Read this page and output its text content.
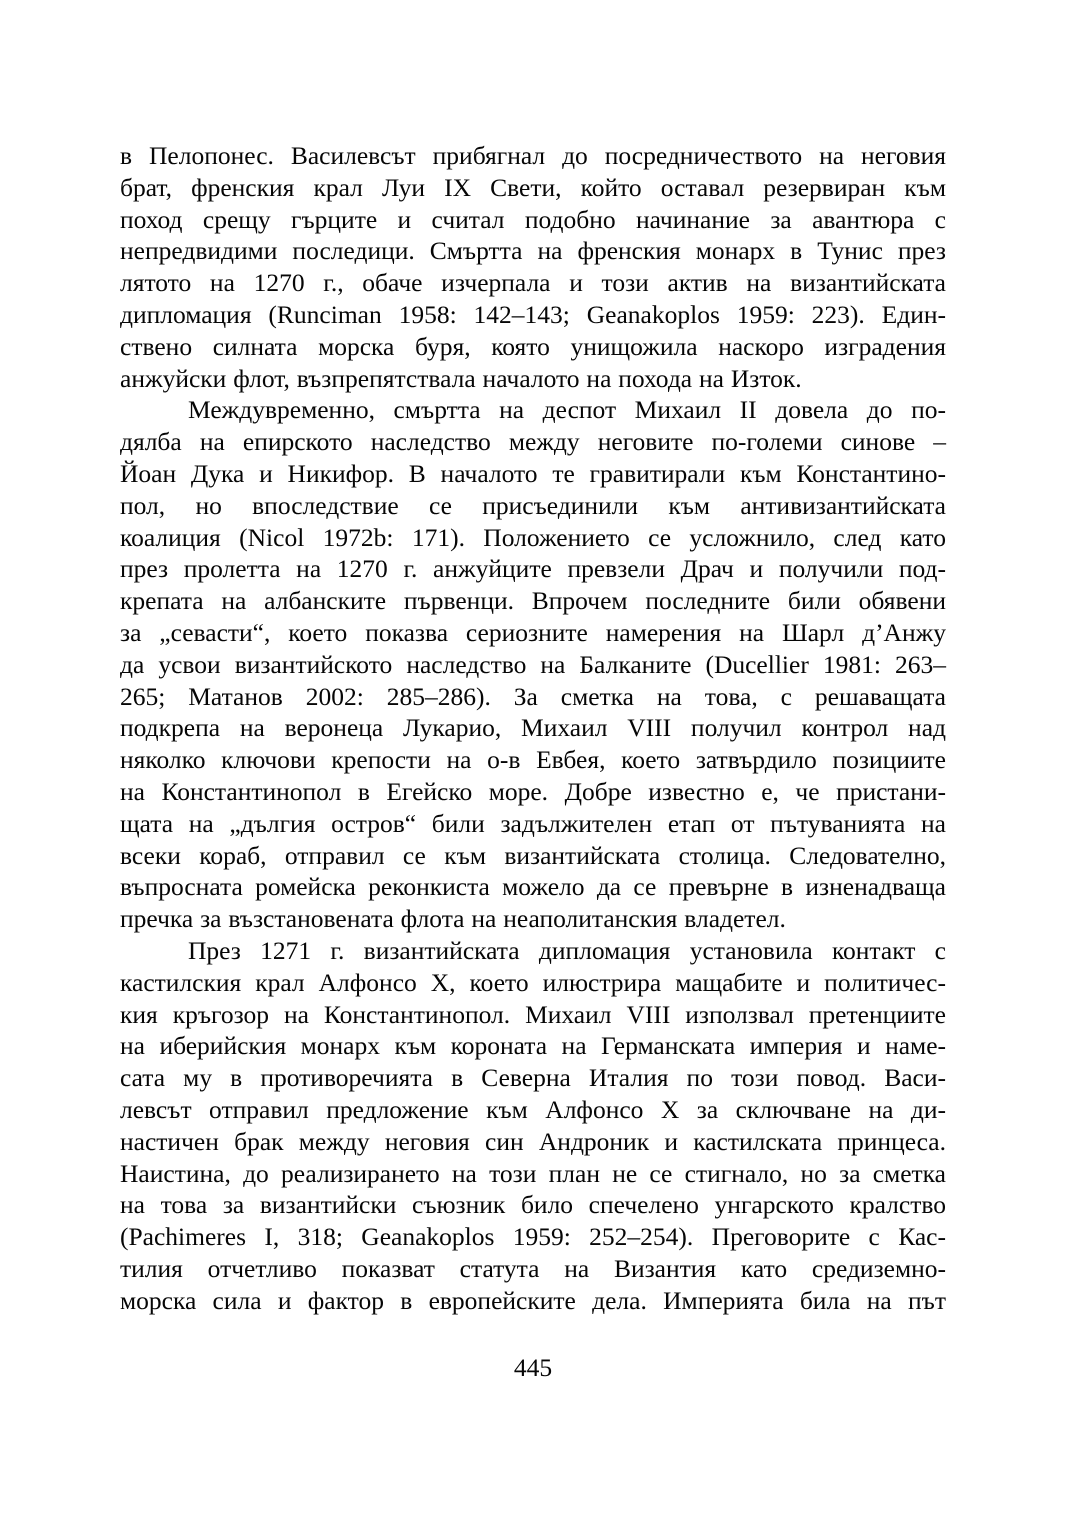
в Пелопонес. Василевсът прибягнал до посредничеството на неговия
брат, френския крал Луи IX Свети, който оставал резервиран към
поход срещу гърците и считал подобно начинание за авантюра с
непредвидими последици. Смъртта на френския монарх в Тунис през
лятото на 1270 г., обаче изчерпала и този актив на византийската
дипломация (Runciman 1958: 142–143; Geanakoplos 1959: 223). Един-
ствено силната морска буря, която унищожила наскоро изградения
анжуйски флот, възпрепятствала началото на похода на Изток.
Междувременно, смъртта на деспот Михаил II довела до по-
дялба на епирското наследство между неговите по-големи синове –
Йоан Дука и Никифор. В началото те гравитирали към Константино-
пол, но впоследствие се присъединили към антивизантийската
коалиция (Nicol 1972b: 171). Положението се усложнило, след като
през пролетта на 1270 г. анжуйците превзели Драч и получили под-
крепата на албанските първенци. Впрочем последните били обявени
за „севасти“, което показва сериозните намерения на Шарл д’Анжу
да усвои византийското наследство на Балканите (Ducellier 1981: 263–
265; Матанов 2002: 285–286). За сметка на това, с решаващата
подкрепа на веронеца Лукарио, Михаил VIII получил контрол над
няколко ключови крепости на о-в Евбея, което затвърдило позициите
на Константинопол в Егейско море. Добре известно е, че пристани-
щата на „дългия остров“ били задължителен етап от пътуванията на
всеки кораб, отправил се към византийската столица. Следователно,
въпросната ромейска реконкиста можело да се превърне в изненадваща
пречка за възстановената флота на неаполитанския владетел.
През 1271 г. византийската дипломация установила контакт с
кастилския крал Алфонсо X, което илюстрира мащабите и политичес-
кия кръгозор на Константинопол. Михаил VIII използвал претенциите
на иберийския монарх към короната на Германската империя и наме-
сата му в противоречията в Северна Италия по този повод. Васи-
левсът отправил предложение към Алфонсо X за сключване на ди-
настичен брак между неговия син Андроник и кастилската принцеса.
Наистина, до реализирането на този план не се стигнало, но за сметка
на това за византийски съюзник било спечелено унгарското кралство
(Pachimeres I, 318; Geanakoplos 1959: 252–254). Преговорите с Кас-
тилия отчетливо показват статута на Византия като средиземно-
морска сила и фактор в европейските дела. Империята била на път
445
